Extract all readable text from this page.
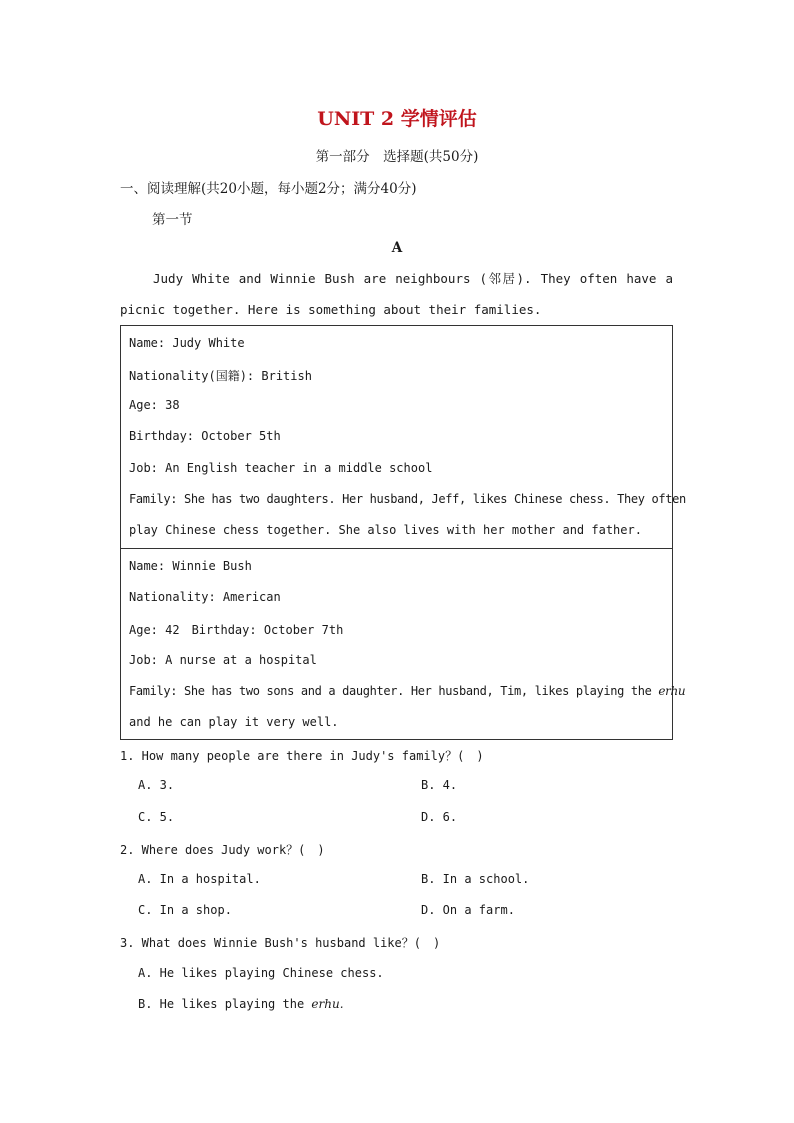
UNIT 2 学情评估
第一部分　选择题(共50分)
一、阅读理解(共20小题，每小题2分；满分40分)
第一节
A
Judy White and Winnie Bush are neighbours (邻居). They often have a picnic together. Here is something about their families.
Name: Judy White
Nationality(国籍): British
Age: 38
Birthday: October 5th
Job: An English teacher in a middle school
Family: She has two daughters. Her husband, Jeff, likes Chinese chess. They often
play Chinese chess together. She also lives with her mother and father.
Name: Winnie Bush
Nationality: American
Age: 42　Birthday: October 7th
Job: A nurse at a hospital
Family: She has two sons and a daughter. Her husband, Tim, likes playing the erhu
and he can play it very well.
1. How many people are there in Judy's family？(　)
A. 3.	B. 4.
C. 5.	D. 6.
2. Where does Judy work？(　)
A. In a hospital.	B. In a school.
C. In a shop.	D. On a farm.
3. What does Winnie Bush's husband like？(　)
A. He likes playing Chinese chess.
B. He likes playing the erhu.
